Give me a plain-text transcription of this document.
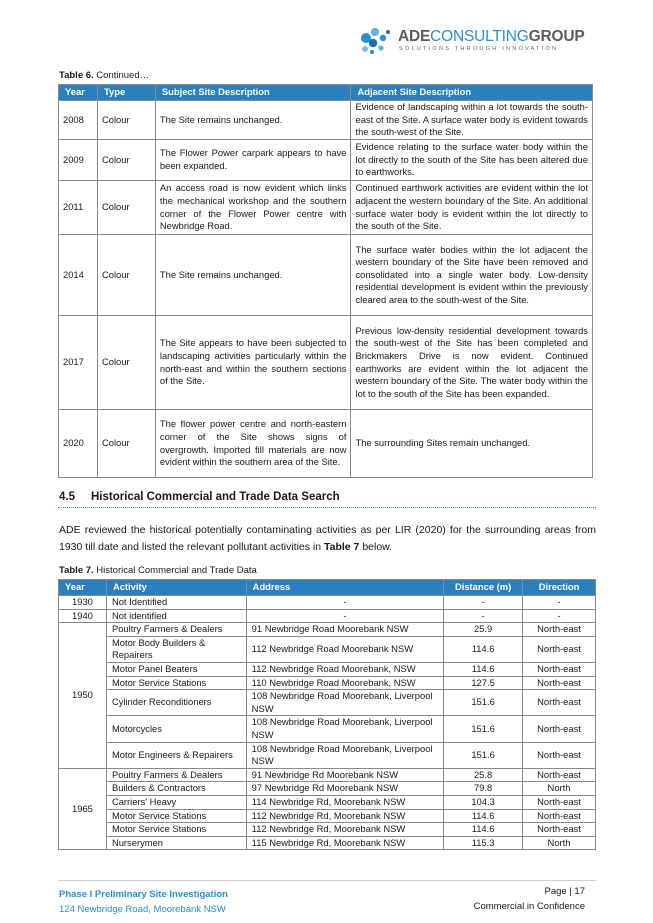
ADECONSULTINGGROUP
SOLUTIONS THROUGH INNOVATION
Table 6. Continued…
Year	Type	Subject Site Description	Adjacent Site Description
2008	Colour	The Site remains unchanged.	Evidence of landscaping within a lot towards the south-east of the Site. A surface water body is evident towards the south-west of the Site.
2009	Colour	The Flower Power carpark appears to have been expanded.	Evidence relating to the surface water body within the lot directly to the south of the Site has been altered due to earthworks.
2011	Colour	An access road is now evident which links the mechanical workshop and the southern corner of the Flower Power centre with Newbridge Road.	Continued earthwork activities are evident within the lot adjacent the western boundary of the Site. An additional surface water body is evident within the lot directly to the south of the Site.
2014	Colour	The Site remains unchanged.	The surface water bodies within the lot adjacent the western boundary of the Site have been removed and consolidated into a single water body. Low-density residential development is evident within the previously cleared area to the south-west of the Site.
2017	Colour	The Site appears to have been subjected to landscaping activities particularly within the north-east and within the southern sections of the Site.	Previous low-density residential development towards the south-west of the Site has been completed and Brickmakers Drive is now evident. Continued earthworks are evident within the lot adjacent the western boundary of the Site. The water body within the lot to the south of the Site has been expanded.
2020	Colour	The flower power centre and north-eastern corner of the Site shows signs of overgrowth. Imported fill materials are now evident within the southern area of the Site.	The surrounding Sites remain unchanged.
4.5 Historical Commercial and Trade Data Search
ADE reviewed the historical potentially contaminating activities as per LIR (2020) for the surrounding areas from 1930 till date and listed the relevant pollutant activities in Table 7 below.
Table 7. Historical Commercial and Trade Data
Year	Activity	Address	Distance (m)	Direction
1930	Not Identified	-	-	-
1940	Not identified	-	-	-
1950	Poultry Farmers & Dealers	91 Newbridge Road Moorebank NSW	25.9	North-east
	Motor Body Builders & Repairers	112 Newbridge Road Moorebank NSW	114.6	North-east
	Motor Panel Beaters	112 Newbridge Road Moorebank, NSW	114.6	North-east
	Motor Service Stations	110 Newbridge Road Moorebank, NSW	127.5	North-east
	Cylinder Reconditioners	108 Newbridge Road Moorebank, Liverpool NSW	151.6	North-east
	Motorcycles	108 Newbridge Road Moorebank, Liverpool NSW	151.6	North-east
	Motor Engineers & Repairers	108 Newbridge Road Moorebank, Liverpool NSW	151.6	North-east
1965	Poultry Farmers & Dealers	91 Newbridge Rd Moorebank NSW	25.8	North-east
	Builders & Contractors	97 Newbridge Rd Moorebank NSW	79.8	North
	Carriers' Heavy	114 Newbridge Rd, Moorebank NSW	104.3	North-east
	Motor Service Stations	112 Newbridge Rd, Moorebank NSW	114.6	North-east
	Motor Service Stations	112 Newbridge Rd, Moorebank NSW	114.6	North-east
	Nurserymen	115 Newbridge Rd, Moorebank NSW	115.3	North
Phase I Preliminary Site Investigation
124 Newbridge Road, Moorebank NSW
Page | 17
Commercial in Confidence
